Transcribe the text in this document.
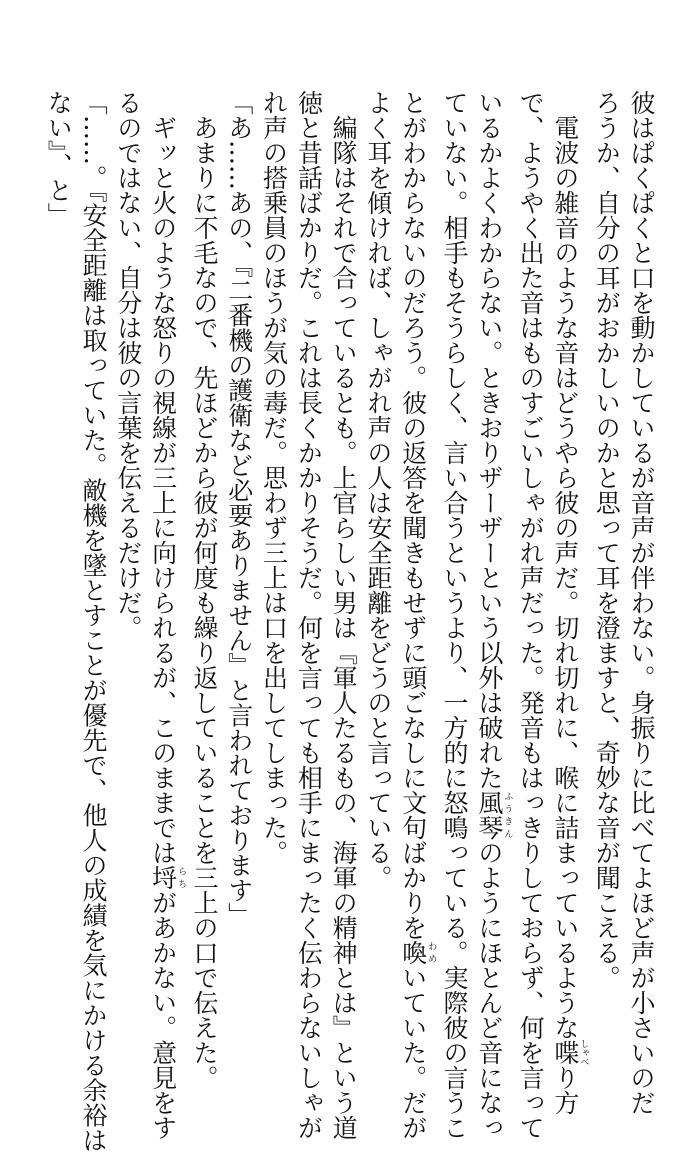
彼はぱくぱくと口を動かしているが音声が伴わない。身振りに比べてよほど声が小さいのだ
ろうか、自分の耳がおかしいのかと思って耳を澄ますと、奇妙な音が聞こえる。
　電波の雑音のような音はどうやら彼の声だ。切れ切れに、喉に詰まっているような喋しゃべり方
で、ようやく出た音はものすごいしゃがれ声だった。発音もはっきりしておらず、何を言って
いるかよくわからない。ときおりザーザーという以外は破れた風琴ふうきんのようにほとんど音になっ
ていない。相手もそうらしく、言い合うというより、一方的に怒鳴っている。実際彼の言うこ
とがわからないのだろう。彼の返答を聞きもせずに頭ごなしに文句ばかりを喚わめいていた。だが
よく耳を傾ければ、しゃがれ声の人は安全距離をどうのと言っている。
　編隊はそれで合っているとも。上官らしい男は『軍人たるもの、海軍の精神とは』という道
徳と昔話ばかりだ。これは長くかかりそうだ。何を言っても相手にまったく伝わらないしゃが
れ声の搭乗員のほうが気の毒だ。思わず三上は口を出してしまった。
「あ……あの、『二番機の護衛など必要ありません』と言われております」
　あまりに不毛なので、先ほどから彼が何度も繰り返していることを三上の口で伝えた。
　ギッと火のような怒りの視線が三上に向けられるが、このままでは埒らちがあかない。意見をす
るのではない、自分は彼の言葉を伝えるだけだ。
「……。『安全距離は取っていた。敵機を墜とすことが優先で、他人の成績を気にかける余裕は
ない』、と」
